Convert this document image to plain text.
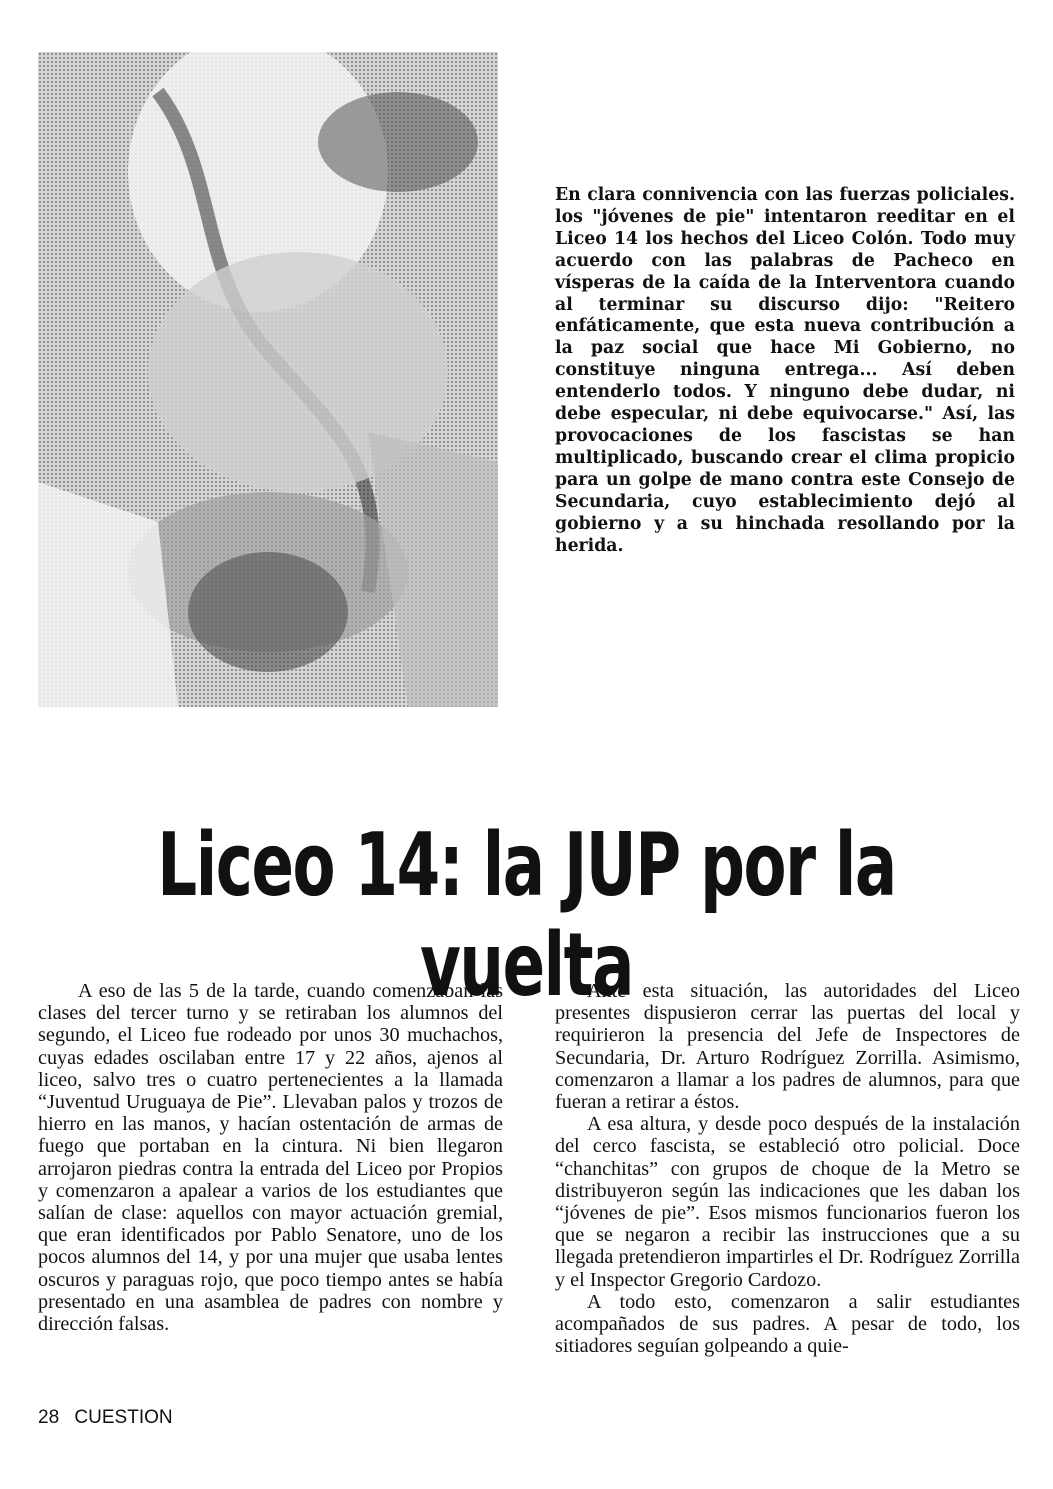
En clara connivencia con las fuerzas policiales. los "jóvenes de pie" intentaron reeditar en el Liceo 14 los hechos del Liceo Colón. Todo muy acuerdo con las palabras de Pacheco en vísperas de la caída de la Interventora cuando al terminar su discurso dijo: "Reitero enfáticamente, que esta nueva contribución a la paz social que hace Mi Gobierno, no constituye ninguna entrega... Así deben entenderlo todos. Y ninguno debe dudar, ni debe especular, ni debe equivocarse." Así, las provocaciones de los fascistas se han multiplicado, buscando crear el clima propicio para un golpe de mano contra este Consejo de Secundaria, cuyo establecimiento dejó al gobierno y a su hinchada resollando por la herida.
Liceo 14: la JUP por la vuelta

A eso de las 5 de la tarde, cuando comenzaban las clases del tercer turno y se retiraban los alumnos del segundo, el Liceo fue rodeado por unos 30 muchachos, cuyas edades oscilaban entre 17 y 22 años, ajenos al liceo, salvo tres o cuatro pertenecientes a la llamada “Juventud Uruguaya de Pie”. Llevaban palos y trozos de hierro en las manos, y hacían ostentación de armas de fuego que portaban en la cintura. Ni bien llegaron arrojaron piedras contra la entrada del Liceo por Propios y comenzaron a apalear a varios de los estudiantes que salían de clase: aquellos con mayor actuación gremial, que eran identificados por Pablo Senatore, uno de los pocos alumnos del 14, y por una mujer que usaba lentes oscuros y paraguas rojo, que poco tiempo antes se había presentado en una asamblea de padres con nombre y dirección falsas.

Ante esta situación, las autoridades del Liceo presentes dispusieron cerrar las puertas del local y requirieron la presencia del Jefe de Inspectores de Secundaria, Dr. Arturo Rodríguez Zorrilla. Asimismo, comenzaron a llamar a los padres de alumnos, para que fueran a retirar a éstos.

A esa altura, y desde poco después de la instalación del cerco fascista, se estableció otro policial. Doce “chanchitas” con grupos de choque de la Metro se distribuyeron según las indicaciones que les daban los “jóvenes de pie”. Esos mismos funcionarios fueron los que se negaron a recibir las instrucciones que a su llegada pretendieron impartirles el Dr. Rodríguez Zorrilla y el Inspector Gregorio Cardozo.

A todo esto, comenzaron a salir estudiantes acompañados de sus padres. A pesar de todo, los sitiadores seguían golpeando a quie-

28 CUESTION
